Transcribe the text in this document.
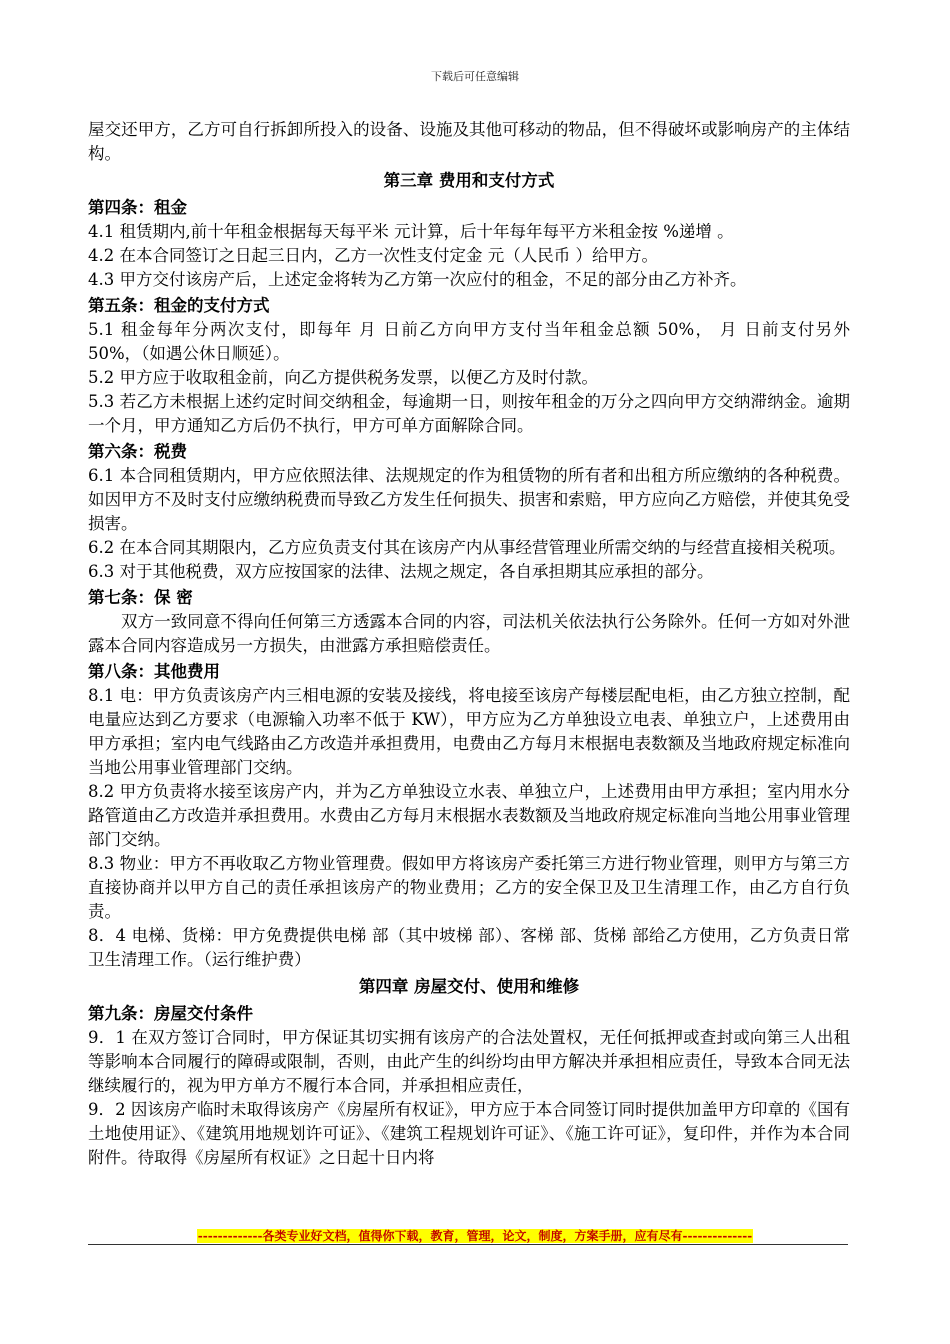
下载后可任意编辑

屋交还甲方，乙方可自行拆卸所投入的设备、设施及其他可移动的物品，但不得破坏或影响房产的主体结构。

第三章 费用和支付方式

第四条：租金

4.1 租赁期内,前十年租金根据每天每平米 元计算，后十年每年每平方米租金按 %递增 。

4.2 在本合同签订之日起三日内，乙方一次性支付定金 元（人民币 ）给甲方。

4.3 甲方交付该房产后，上述定金将转为乙方第一次应付的租金，不足的部分由乙方补齐。

第五条：租金的支付方式

5.1 租金每年分两次支付，即每年 月 日前乙方向甲方支付当年租金总额 50%， 月 日前支付另外 50%，（如遇公休日顺延）。

5.2 甲方应于收取租金前，向乙方提供税务发票，以便乙方及时付款。

5.3 若乙方未根据上述约定时间交纳租金，每逾期一日，则按年租金的万分之四向甲方交纳滞纳金。逾期一个月，甲方通知乙方后仍不执行，甲方可单方面解除合同。

第六条：税费

6.1 本合同租赁期内，甲方应依照法律、法规规定的作为租赁物的所有者和出租方所应缴纳的各种税费。如因甲方不及时支付应缴纳税费而导致乙方发生任何损失、损害和索赔，甲方应向乙方赔偿，并使其免受损害。

6.2 在本合同其期限内，乙方应负责支付其在该房产内从事经营管理业所需交纳的与经营直接相关税项。

6.3 对于其他税费，双方应按国家的法律、法规之规定，各自承担期其应承担的部分。

第七条：保 密

双方一致同意不得向任何第三方透露本合同的内容，司法机关依法执行公务除外。任何一方如对外泄露本合同内容造成另一方损失，由泄露方承担赔偿责任。

第八条：其他费用

8.1 电：甲方负责该房产内三相电源的安装及接线，将电接至该房产每楼层配电柜，由乙方独立控制，配电量应达到乙方要求（电源输入功率不低于 KW），甲方应为乙方单独设立电表、单独立户，上述费用由甲方承担；室内电气线路由乙方改造并承担费用，电费由乙方每月末根据电表数额及当地政府规定标准向当地公用事业管理部门交纳。

8.2 甲方负责将水接至该房产内，并为乙方单独设立水表、单独立户，上述费用由甲方承担；室内用水分路管道由乙方改造并承担费用。水费由乙方每月末根据水表数额及当地政府规定标准向当地公用事业管理部门交纳。

8.3 物业：甲方不再收取乙方物业管理费。假如甲方将该房产委托第三方进行物业管理，则甲方与第三方直接协商并以甲方自己的责任承担该房产的物业费用；乙方的安全保卫及卫生清理工作，由乙方自行负责。

8．4 电梯、货梯：甲方免费提供电梯 部（其中坡梯 部）、客梯 部、货梯 部给乙方使用，乙方负责日常卫生清理工作。（运行维护费）

第四章 房屋交付、使用和维修

第九条：房屋交付条件

9．1 在双方签订合同时，甲方保证其切实拥有该房产的合法处置权，无任何抵押或查封或向第三人出租等影响本合同履行的障碍或限制，否则，由此产生的纠纷均由甲方解决并承担相应责任，导致本合同无法继续履行的，视为甲方单方不履行本合同，并承担相应责任，

9．2 因该房产临时未取得该房产《房屋所有权证》，甲方应于本合同签订同时提供加盖甲方印章的《国有土地使用证》、《建筑用地规划许可证》、《建筑工程规划许可证》、《施工许可证》，复印件，并作为本合同附件。待取得《房屋所有权证》之日起十日内将

-------------各类专业好文档，值得你下载，教育，管理，论文，制度，方案手册，应有尽有--------------
